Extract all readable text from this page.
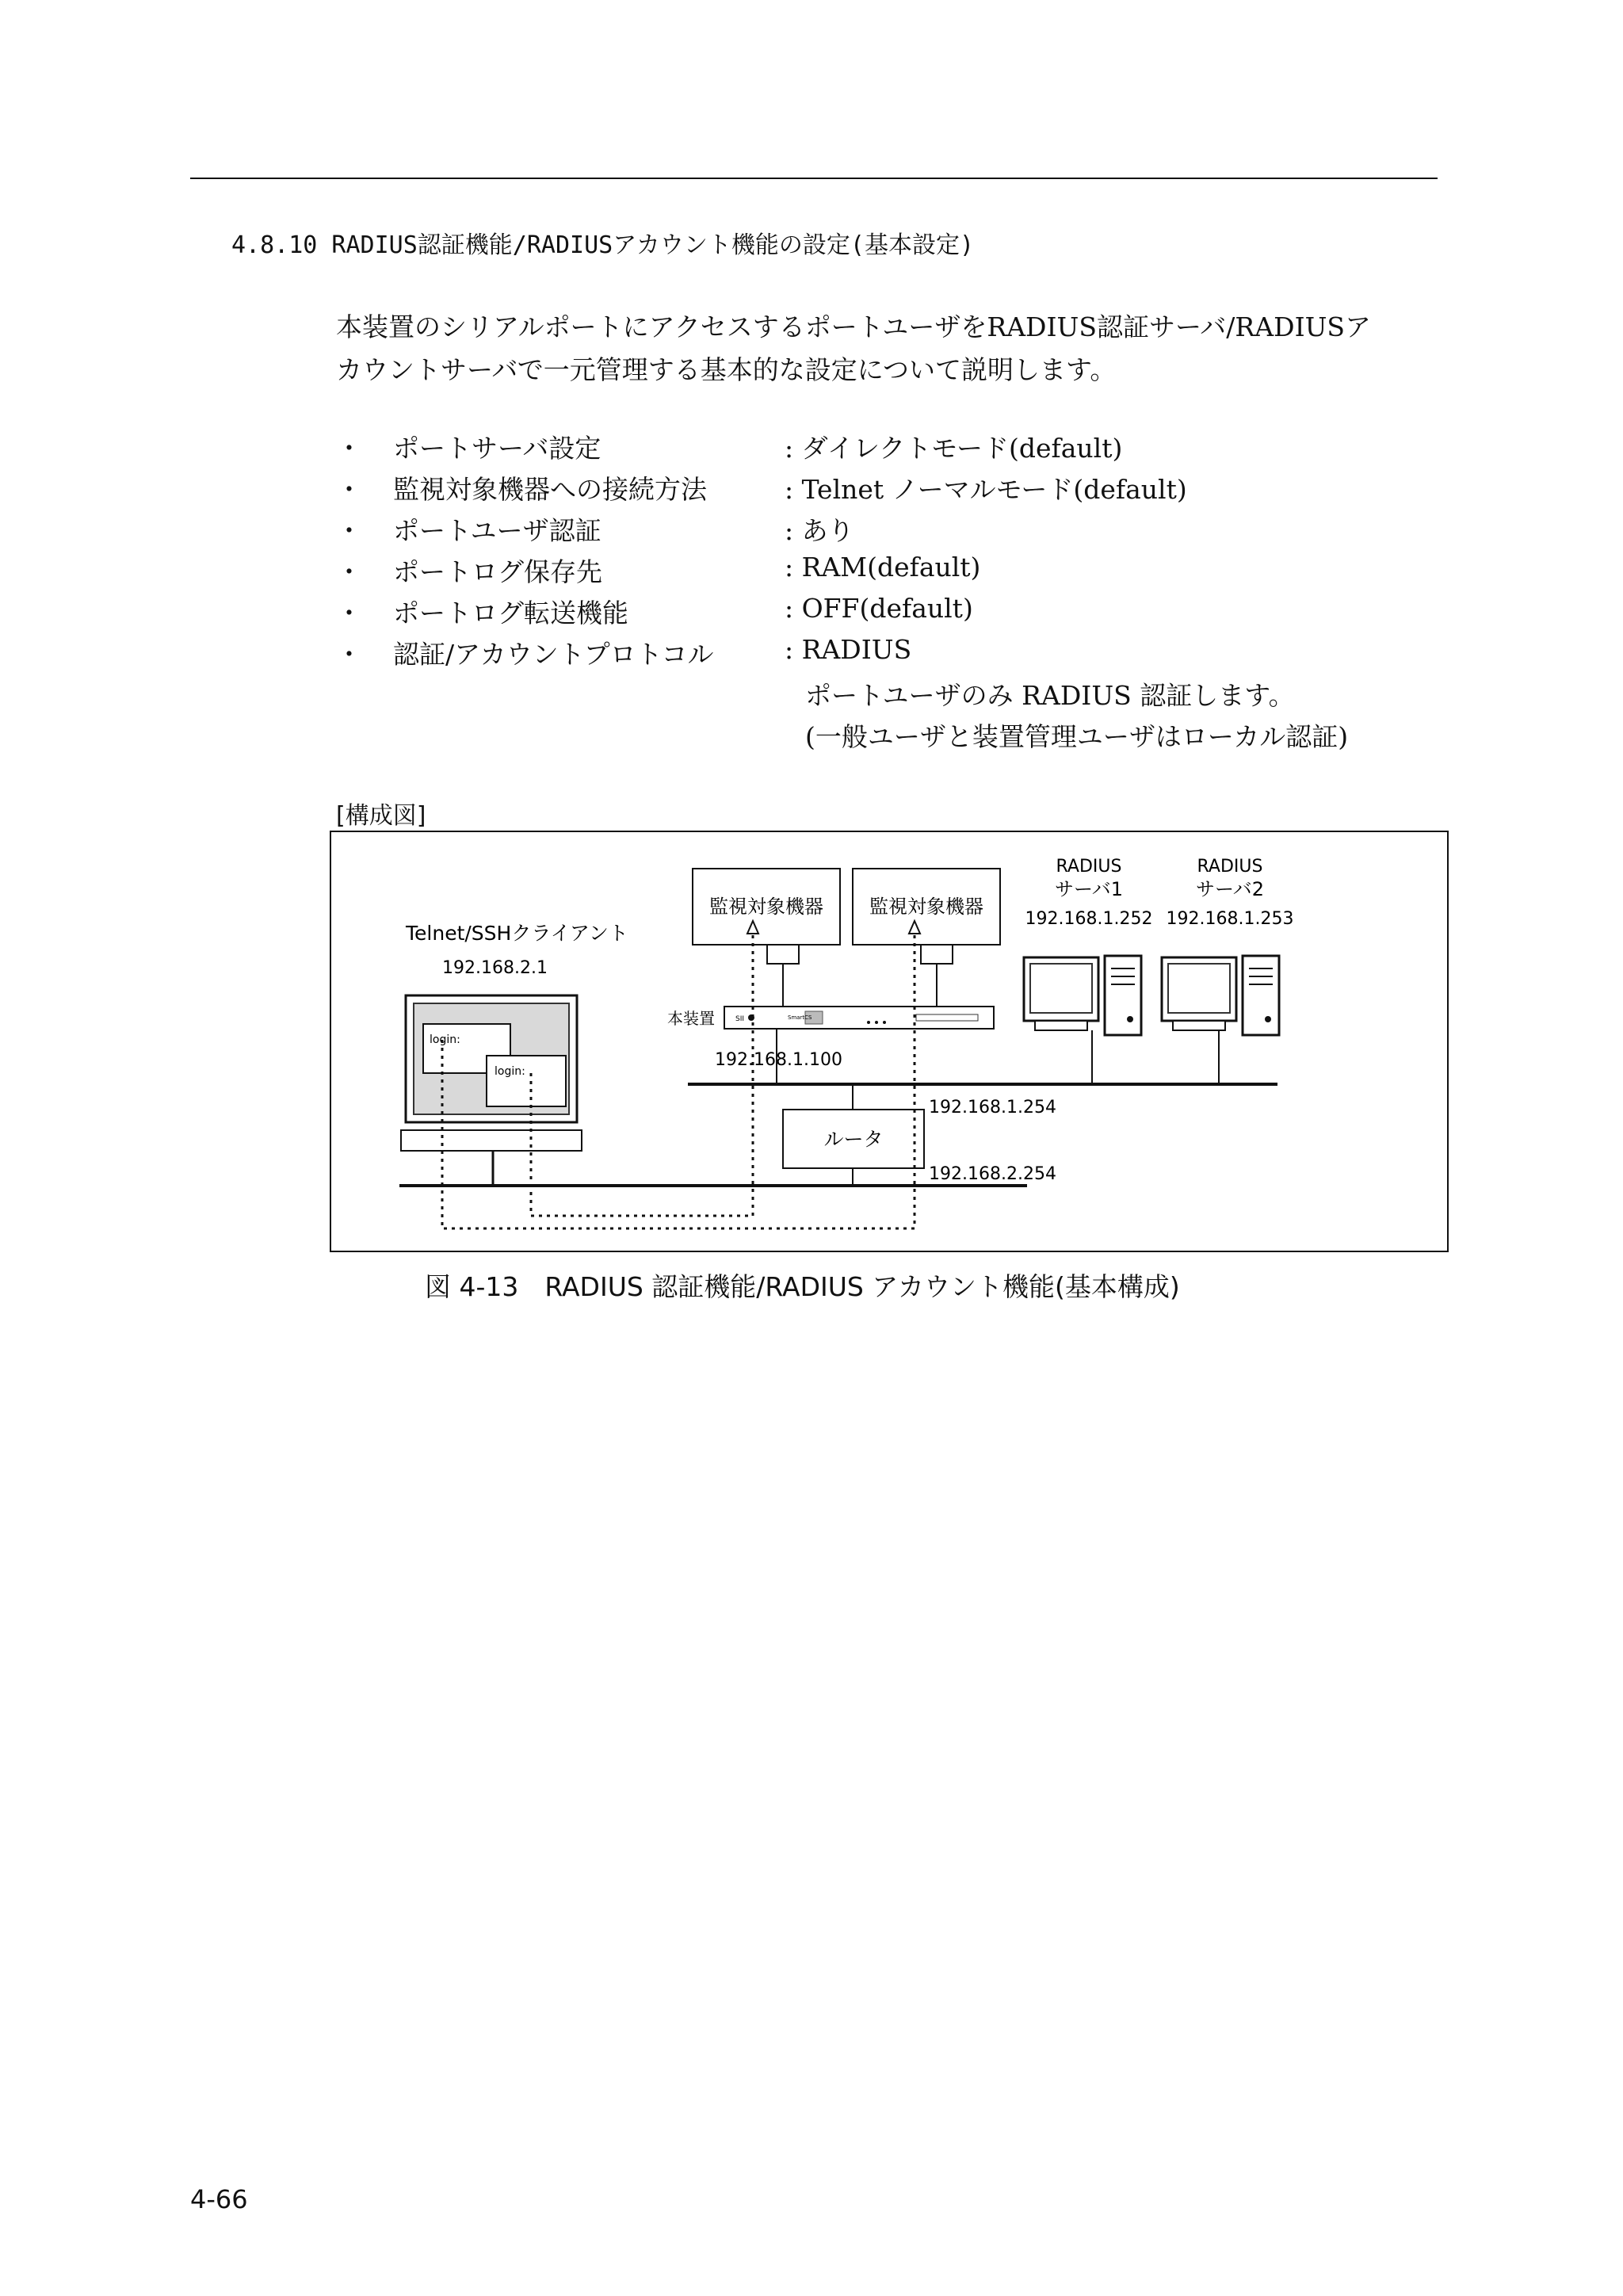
4.8.10 RADIUS認証機能/RADIUSアカウント機能の設定(基本設定)

本装置のシリアルポートにアクセスするポートユーザをRADIUS認証サーバ/RADIUSア

カウントサーバで一元管理する基本的な設定について説明します。

・ ポートサーバ設定	: ダイレクトモード(default)
・ 監視対象機器への接続方法	: Telnet ノーマルモード(default)
・ ポートユーザ認証	: あり
・ ポートログ保存先	: RAM(default)
・ ポートログ転送機能	: OFF(default)
・ 認証/アカウントプロトコル	: RADIUS
ポートユーザのみ RADIUS 認証します。
(一般ユーザと装置管理ユーザはローカル認証)
[構成図]
Telnet/SSHクライアント
192.168.2.1
login:
login:
監視対象機器 監視対象機器
SII	SmartCS
本装置
192.168.1.100
RADIUS
サーバ1
192.168.1.252
RADIUS
サーバ2
192.168.1.253
ルータ
192.168.1.254
192.168.2.254
図 4-13　RADIUS 認証機能/RADIUS アカウント機能(基本構成)
4-66
